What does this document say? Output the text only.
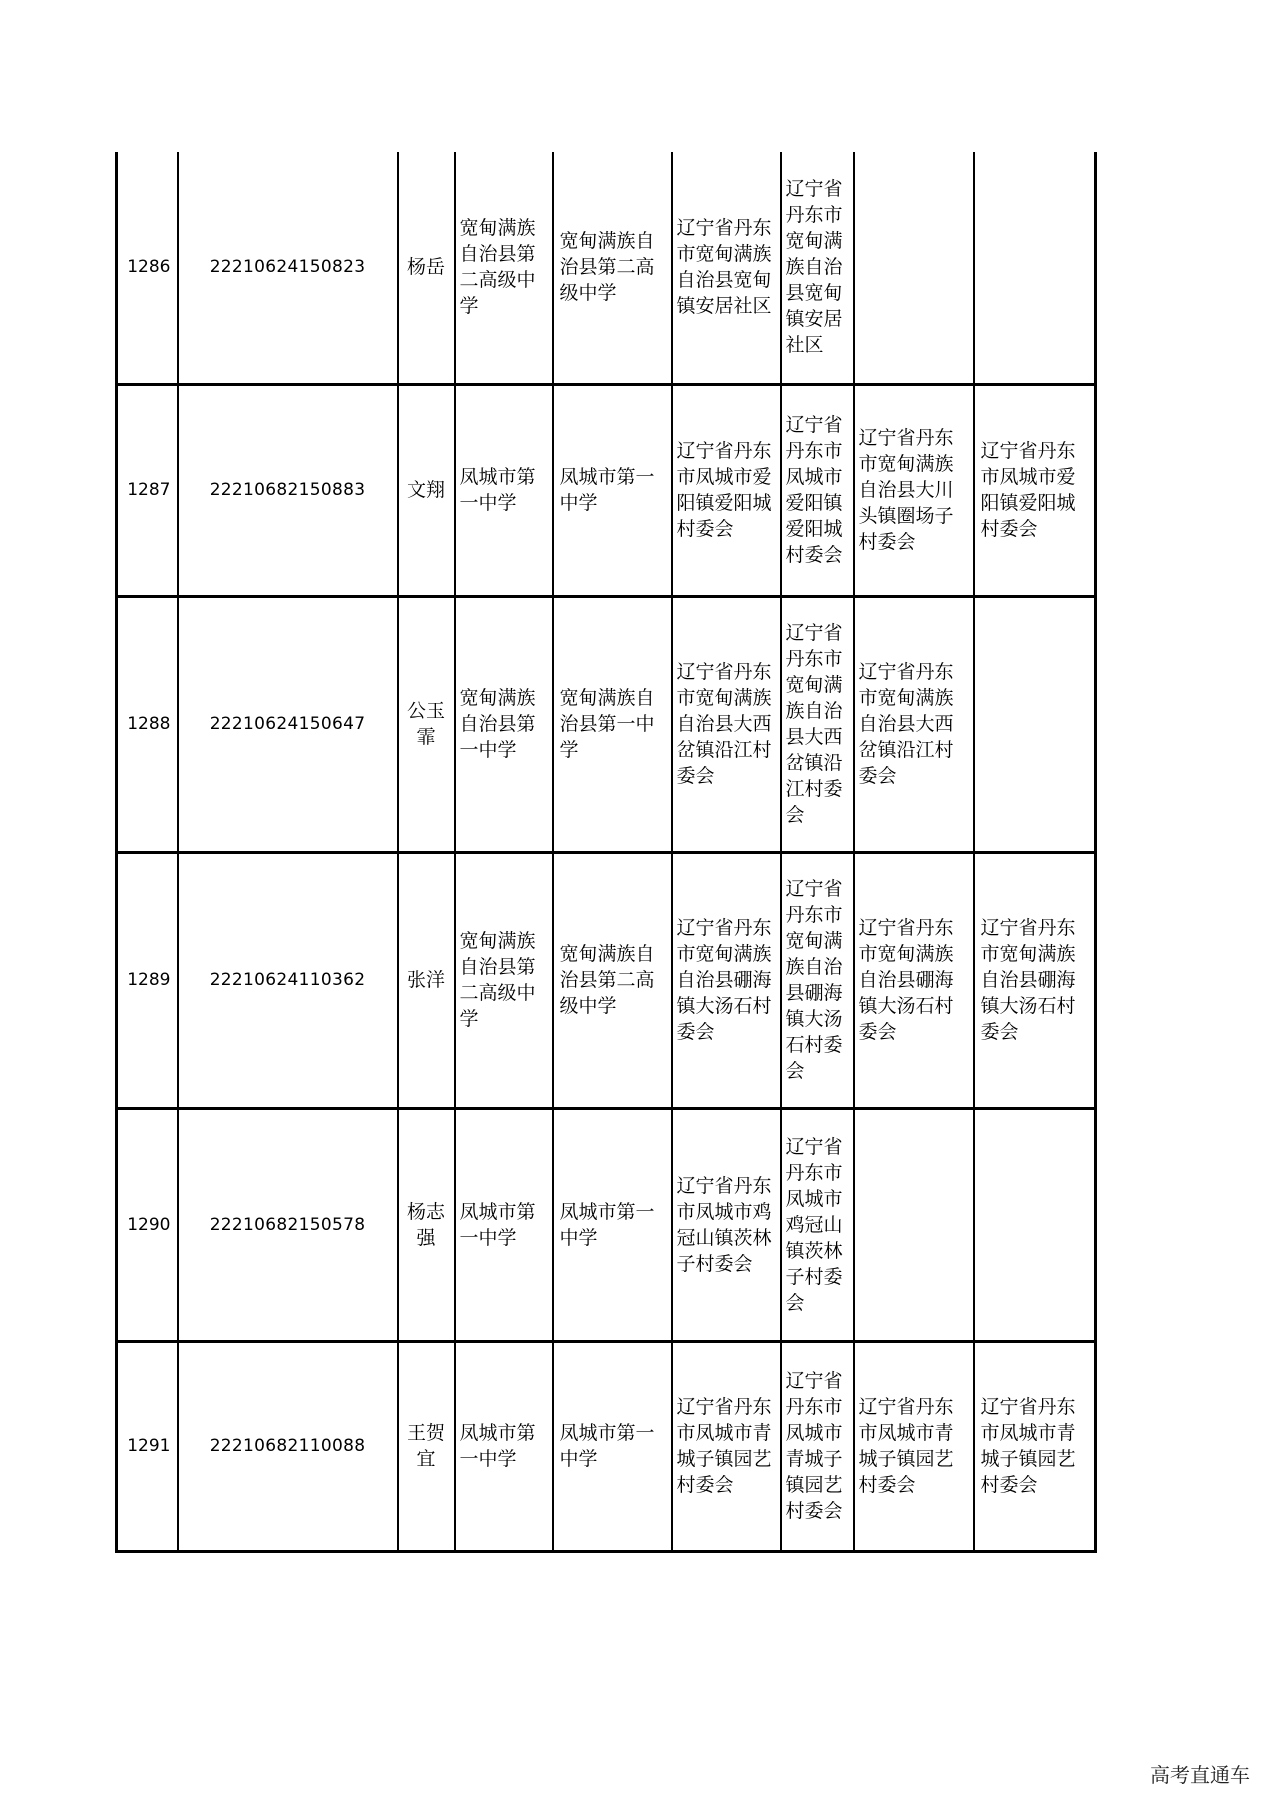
1286	22210624150823	杨岳	宽甸满族自治县第二高级中学	宽甸满族自治县第二高级中学	辽宁省丹东市宽甸满族自治县宽甸镇安居社区	辽宁省丹东市宽甸满族自治县宽甸镇安居社区		
1287	22210682150883	文翔	凤城市第一中学	凤城市第一中学	辽宁省丹东市凤城市爱阳镇爱阳城村委会	辽宁省丹东市凤城市爱阳镇爱阳城村委会	辽宁省丹东市宽甸满族自治县大川头镇圈场子村委会	辽宁省丹东市凤城市爱阳镇爱阳城村委会
1288	22210624150647	公玉霏	宽甸满族自治县第一中学	宽甸满族自治县第一中学	辽宁省丹东市宽甸满族自治县大西岔镇沿江村委会	辽宁省丹东市宽甸满族自治县大西岔镇沿江村委会	辽宁省丹东市宽甸满族自治县大西岔镇沿江村委会	
1289	22210624110362	张洋	宽甸满族自治县第二高级中学	宽甸满族自治县第二高级中学	辽宁省丹东市宽甸满族自治县硼海镇大汤石村委会	辽宁省丹东市宽甸满族自治县硼海镇大汤石村委会	辽宁省丹东市宽甸满族自治县硼海镇大汤石村委会	辽宁省丹东市宽甸满族自治县硼海镇大汤石村委会
1290	22210682150578	杨志强	凤城市第一中学	凤城市第一中学	辽宁省丹东市凤城市鸡冠山镇茨林子村委会	辽宁省丹东市凤城市鸡冠山镇茨林子村委会		
1291	22210682110088	王贺宜	凤城市第一中学	凤城市第一中学	辽宁省丹东市凤城市青城子镇园艺村委会	辽宁省丹东市凤城市青城子镇园艺村委会	辽宁省丹东市凤城市青城子镇园艺村委会	辽宁省丹东市凤城市青城子镇园艺村委会
高考直通车
